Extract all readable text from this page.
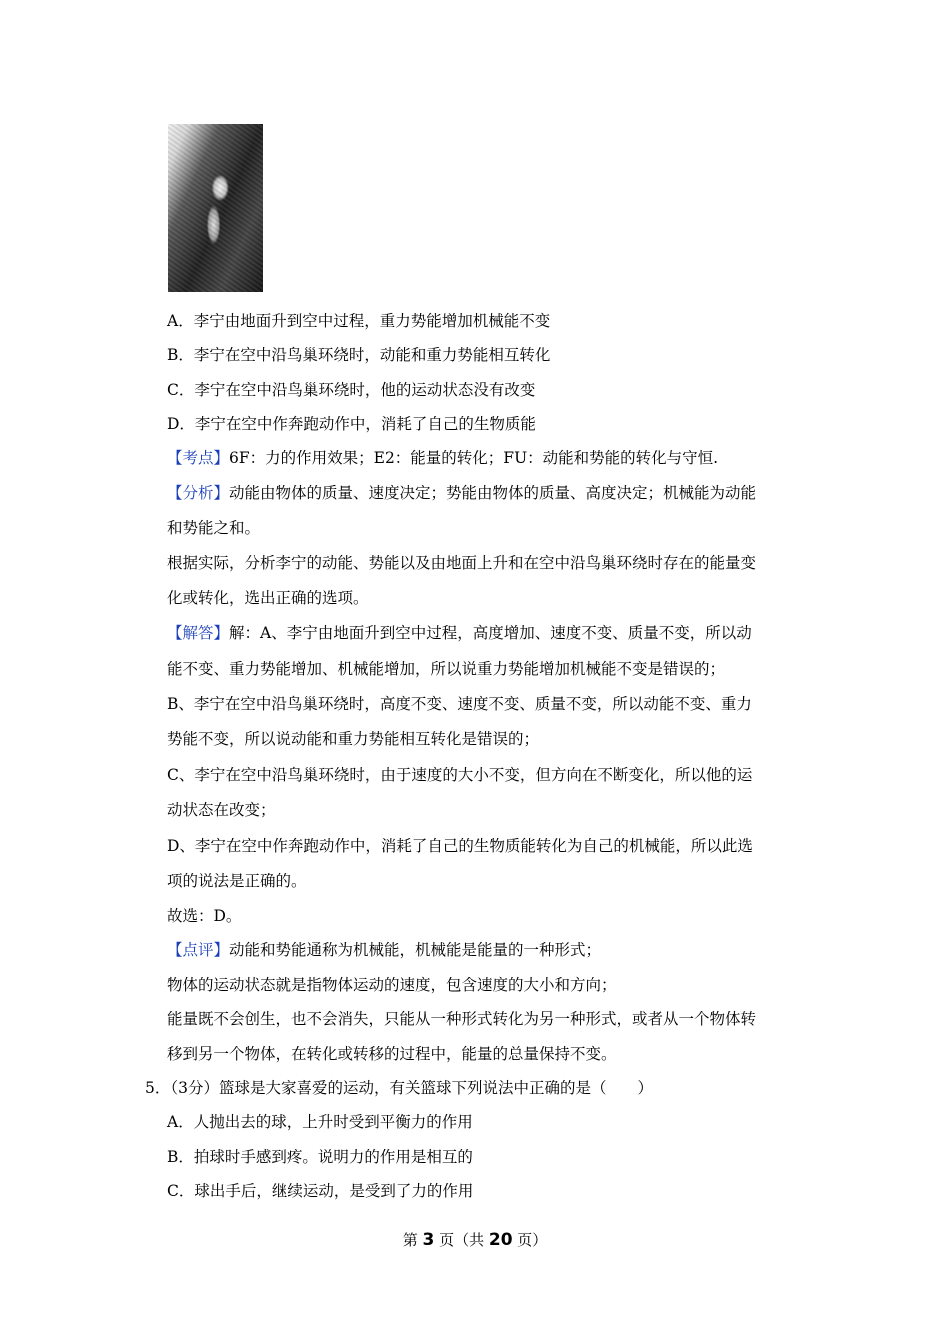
A．李宁由地面升到空中过程，重力势能增加机械能不变
B．李宁在空中沿鸟巢环绕时，动能和重力势能相互转化
C．李宁在空中沿鸟巢环绕时，他的运动状态没有改变
D．李宁在空中作奔跑动作中，消耗了自己的生物质能
【考点】6F：力的作用效果；E2：能量的转化；FU：动能和势能的转化与守恒.
【分析】动能由物体的质量、速度决定；势能由物体的质量、高度决定；机械能为动能
和势能之和。
根据实际，分析李宁的动能、势能以及由地面上升和在空中沿鸟巢环绕时存在的能量变
化或转化，选出正确的选项。
【解答】解：A、李宁由地面升到空中过程，高度增加、速度不变、质量不变，所以动
能不变、重力势能增加、机械能增加，所以说重力势能增加机械能不变是错误的；
B、李宁在空中沿鸟巢环绕时，高度不变、速度不变、质量不变，所以动能不变、重力
势能不变，所以说动能和重力势能相互转化是错误的；
C、李宁在空中沿鸟巢环绕时，由于速度的大小不变，但方向在不断变化，所以他的运
动状态在改变；
D、李宁在空中作奔跑动作中，消耗了自己的生物质能转化为自己的机械能，所以此选
项的说法是正确的。
故选：D。
【点评】动能和势能通称为机械能，机械能是能量的一种形式；
物体的运动状态就是指物体运动的速度，包含速度的大小和方向；
能量既不会创生，也不会消失，只能从一种形式转化为另一种形式，或者从一个物体转
移到另一个物体，在转化或转移的过程中，能量的总量保持不变。
5．（3分）篮球是大家喜爱的运动，有关篮球下列说法中正确的是（　　）
A．人抛出去的球，上升时受到平衡力的作用
B．拍球时手感到疼。说明力的作用是相互的
C．球出手后，继续运动，是受到了力的作用
第 3 页（共 20 页）
